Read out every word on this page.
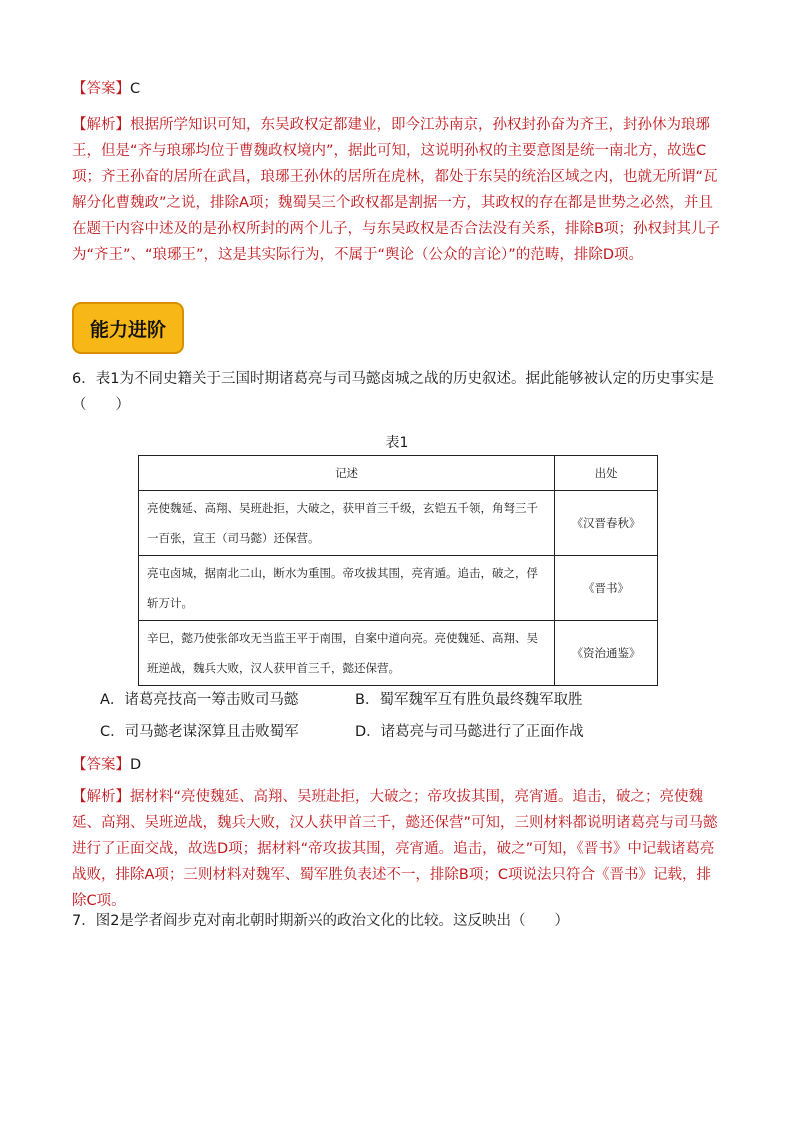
【答案】C

【解析】根据所学知识可知，东吴政权定都建业，即今江苏南京，孙权封孙奋为齐王，封孙休为琅琊王，但是“齐与琅琊均位于曹魏政权境内”，据此可知，这说明孙权的主要意图是统一南北方，故选C项；齐王孙奋的居所在武昌，琅琊王孙休的居所在虎林，都处于东吴的统治区域之内，也就无所谓“瓦解分化曹魏政”之说，排除A项；魏蜀吴三个政权都是割据一方，其政权的存在都是世势之必然，并且在题干内容中述及的是孙权所封的两个儿子，与东吴政权是否合法没有关系，排除B项；孙权封其儿子为“齐王”、“琅琊王”，这是其实际行为，不属于“舆论（公众的言论）”的范畴，排除D项。

能力进阶

6．表1为不同史籍关于三国时期诸葛亮与司马懿卤城之战的历史叙述。据此能够被认定的历史事实是（　　）

表1
记述	出处
亮使魏延、高翔、吴班赴拒，大破之，获甲首三千级，玄铠五千领，角弩三千一百张，宣王（司马懿）还保营。	《汉晋春秋》
亮屯卤城，据南北二山，断水为重围。帝攻拔其围，亮宵遁。追击，破之，俘斩万计。	《晋书》
辛巳，懿乃使张郃攻无当监王平于南围，自案中道向亮。亮使魏延、高翔、吴班逆战，魏兵大败，汉人获甲首三千，懿还保营。	《资治通鉴》
A．诸葛亮技高一筹击败司马懿	B．蜀军魏军互有胜负最终魏军取胜
C．司马懿老谋深算且击败蜀军	D．诸葛亮与司马懿进行了正面作战

【答案】D

【解析】据材料“亮使魏延、高翔、吴班赴拒，大破之；帝攻拔其围，亮宵遁。追击，破之；亮使魏延、高翔、吴班逆战，魏兵大败，汉人获甲首三千，懿还保营”可知，三则材料都说明诸葛亮与司马懿进行了正面交战，故选D项；据材料“帝攻拔其围，亮宵遁。追击，破之”可知，《晋书》中记载诸葛亮战败，排除A项；三则材料对魏军、蜀军胜负表述不一，排除B项；C项说法只符合《晋书》记载，排除C项。

7．图2是学者阎步克对南北朝时期新兴的政治文化的比较。这反映出（　　）
